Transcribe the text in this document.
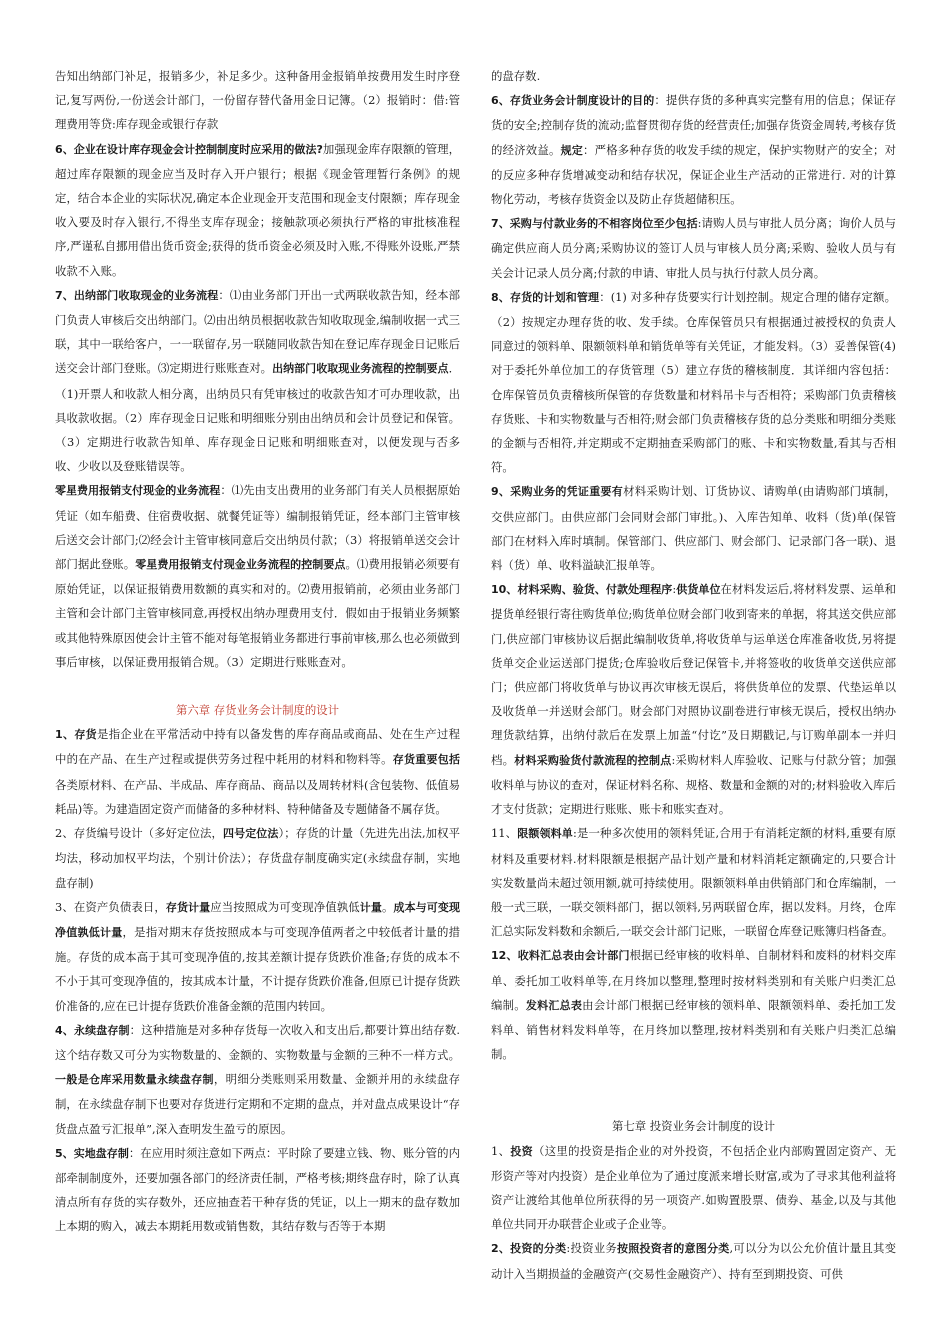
告知出纳部门补足，报销多少，补足多少。这种备用金报销单按费用发生时序登记,复写两份,一份送会计部门，一份留存替代备用金日记簿。（2）报销时：借:管理费用等贷:库存现金或银行存款

6、企业在设计库存现金会计控制制度时应采用的做法?加强现金库存限额的管理，超过库存限额的现金应当及时存入开户银行；根据《现金管理暂行条例》的规定，结合本企业的实际状况,确定本企业现金开支范围和现金支付限额；库存现金收入要及时存入银行,不得坐支库存现金；接触款项必须执行严格的审批核准程序,严谨私自挪用借出货币资金;获得的货币资金必须及时入账,不得账外设账,严禁收款不入账。

7、出纳部门收取现金的业务流程：⑴由业务部门开出一式两联收款告知，经本部门负责人审核后交出纳部门。⑵由出纳员根据收款告知收取现金,编制收据一式三联，其中一联给客户，一一联留存,另一联随同收款告知在登记库存现金日记账后送交会计部门登账。⑶定期进行账账查对。出纳部门收取现业务流程的控制要点．（1)开票人和收款人相分离，出纳员只有凭审核过的收款告知才可办理收款，出具收款收据。（2）库存现金日记账和明细账分别由出纳员和会计员登记和保管。（3）定期进行收款告知单、库存现金日记账和明细账查对，以便发现与否多收、少收以及登账错误等。

零星费用报销支付现金的业务流程：⑴先由支出费用的业务部门有关人员根据原始凭证（如车船费、住宿费收据、就餐凭证等）编制报销凭证，经本部门主管审核后送交会计部门;⑵经会计主管审核同意后交出纳员付款；（3）将报销单送交会计部门据此登账。零星费用报销支付现金业务流程的控制要点。⑴费用报销必须要有原始凭证，以保证报销费用数额的真实和对的。⑵费用报销前，必须由业务部门主管和会计部门主管审核同意,再授权出纳办理费用支付．假如由于报销业务频繁或其他特殊原因使会计主管不能对每笔报销业务都进行事前审核,那么也必须做到事后审核，以保证费用报销合规。（3）定期进行账账查对。

第六章 存货业务会计制度的设计

1、存货是指企业在平常活动中持有以备发售的库存商品或商品、处在生产过程中的在产品、在生产过程或提供劳务过程中耗用的材料和物料等。存货重要包括各类原材料、在产品、半成品、库存商品、商品以及周转材料(含包装物、低值易耗品)等。为建造固定资产而储备的多种材料、特种储备及专题储备不属存货。

2、存货编号设计（多好定位法，四号定位法）；存货的计量（先进先出法,加权平均法，移动加权平均法，个别计价法）；存货盘存制度确实定(永续盘存制，实地盘存制)

3、在资产负债表日，存货计量应当按照成为可变现净值孰低计量。成本与可变现净值孰低计量，是指对期末存货按照成本与可变现净值两者之中较低者计量的措施。存货的成本高于其可变现净值的,按其差额计提存货跌价准备;存货的成本不不小于其可变现净值的，按其成本计量，不计提存货跌价准备,但原已计提存货跌价准备的,应在已计提存货跌价准备金额的范围内转回。

4、永续盘存制：这种措施是对多种存货每一次收入和支出后,都要计算出结存数.这个结存数又可分为实物数量的、金额的、实物数量与金额的三种不一样方式。一般是仓库采用数量永续盘存制，明细分类账则采用数量、金额并用的永续盘存制，在永续盘存制下也要对存货进行定期和不定期的盘点，并对盘点成果设计“存货盘点盈亏汇报单”,深入查明发生盈亏的原因。

5、实地盘存制：在应用时须注意如下两点：平时除了要建立钱、物、账分管的内部牵制制度外，还要加强各部门的经济责任制，严格考核;期终盘存时，除了认真清点所有存货的实存数外，还应抽查若干种存货的凭证，以上一期末的盘存数加上本期的购入，减去本期耗用数或销售数，其结存数与否等于本期

的盘存数.

6、存货业务会计制度设计的目的：提供存货的多种真实完整有用的信息；保证存货的安全;控制存货的流动;监督贯彻存货的经营责任;加强存货资金周转,考核存货的经济效益。规定：严格多种存货的收发手续的规定，保护实物财产的安全；对的反应多种存货增减变动和结存状况，保证企业生产活动的正常进行. 对的计算物化劳动，考核存货资金以及防止存货超储积压。

7、采购与付款业务的不相容岗位至少包括:请购人员与审批人员分离；询价人员与确定供应商人员分离;采购协议的签订人员与审核人员分离;采购、验收人员与有关会计记录人员分离;付款的申请、审批人员与执行付款人员分离。

8、存货的计划和管理：(1) 对多种存货要实行计划控制。规定合理的储存定额。（2）按规定办理存货的收、发手续。仓库保管员只有根据通过被授权的负责人同意过的领料单、限额领料单和销货单等有关凭证，才能发料。（3）妥善保管(4)对于委托外单位加工的存货管理（5）建立存货的稽核制度．其详细内容包括：仓库保管员负责稽核所保管的存货数量和材料吊卡与否相符；采购部门负责稽核存货账、卡和实物数量与否相符;财会部门负责稽核存货的总分类账和明细分类账的金额与否相符,并定期或不定期抽查采购部门的账、卡和实物数量,看其与否相符。

9、采购业务的凭证重要有材料采购计划、订货协议、请购单(由请购部门填制，交供应部门。由供应部门会同财会部门审批。)、入库告知单、收料（货)单(保管部门在材料入库时填制。保管部门、供应部门、财会部门、记录部门各一联)、退料（货）单、收料溢缺汇报单等。

10、材料采购、验货、付款处理程序:供货单位在材料发运后,将材料发票、运单和提货单经银行寄往购货单位;购货单位财会部门收到寄来的单据，将其送交供应部门,供应部门审核协议后据此编制收货单,将收货单与运单送仓库准备收货,另将提货单交企业运送部门提货;仓库验收后登记保管卡,并将签收的收货单交送供应部门；供应部门将收货单与协议再次审核无误后，将供货单位的发票、代垫运单以及收货单一并送财会部门。财会部门对照协议副卷进行审核无误后，授权出纳办理货款结算，出纳付款后在发票上加盖“付讫”及日期戳记,与订购单副本一并归档。材料采购验货付款流程的控制点:采购材料人库验收、记账与付款分管；加强收料单与协议的查对，保证材料名称、规格、数量和金额的对的;材料验收入库后才支付货款；定期进行账账、账卡和账实查对。

11、限额领料单:是一种多次使用的领料凭证,合用于有消耗定额的材料,重要有原材料及重要材料.材料限额是根据产品计划产量和材料消耗定额确定的,只要合计实发数量尚未超过领用额,就可持续使用。限额领料单由供销部门和仓库编制，一般一式三联，一联交领料部门，据以领料,另两联留仓库，据以发料。月终，仓库汇总实际发料数和余额后,一联交会计部门记账，一联留仓库登记账簿归档备查。

12、收料汇总表由会计部门根据已经审核的收料单、自制材料和废料的材料交库单、委托加工收料单等,在月终加以整理,整理时按材料类别和有关账户归类汇总编制。发料汇总表由会计部门根据已经审核的领料单、限额领料单、委托加工发料单、销售材料发料单等，在月终加以整理,按材料类别和有关账户归类汇总编制。

第七章 投资业务会计制度的设计

1、投资（这里的投资是指企业的对外投资，不包括企业内部购置固定资产、无形资产等对内投资）是企业单位为了通过度派来增长财富,或为了寻求其他利益将资产让渡给其他单位所获得的另一项资产.如购置股票、债券、基金,以及与其他单位共同开办联营企业或子企业等。

2、投资的分类:投资业务按照投资者的意图分类,可以分为以公允价值计量且其变动计入当期损益的金融资产(交易性金融资产）、持有至到期投资、可供
